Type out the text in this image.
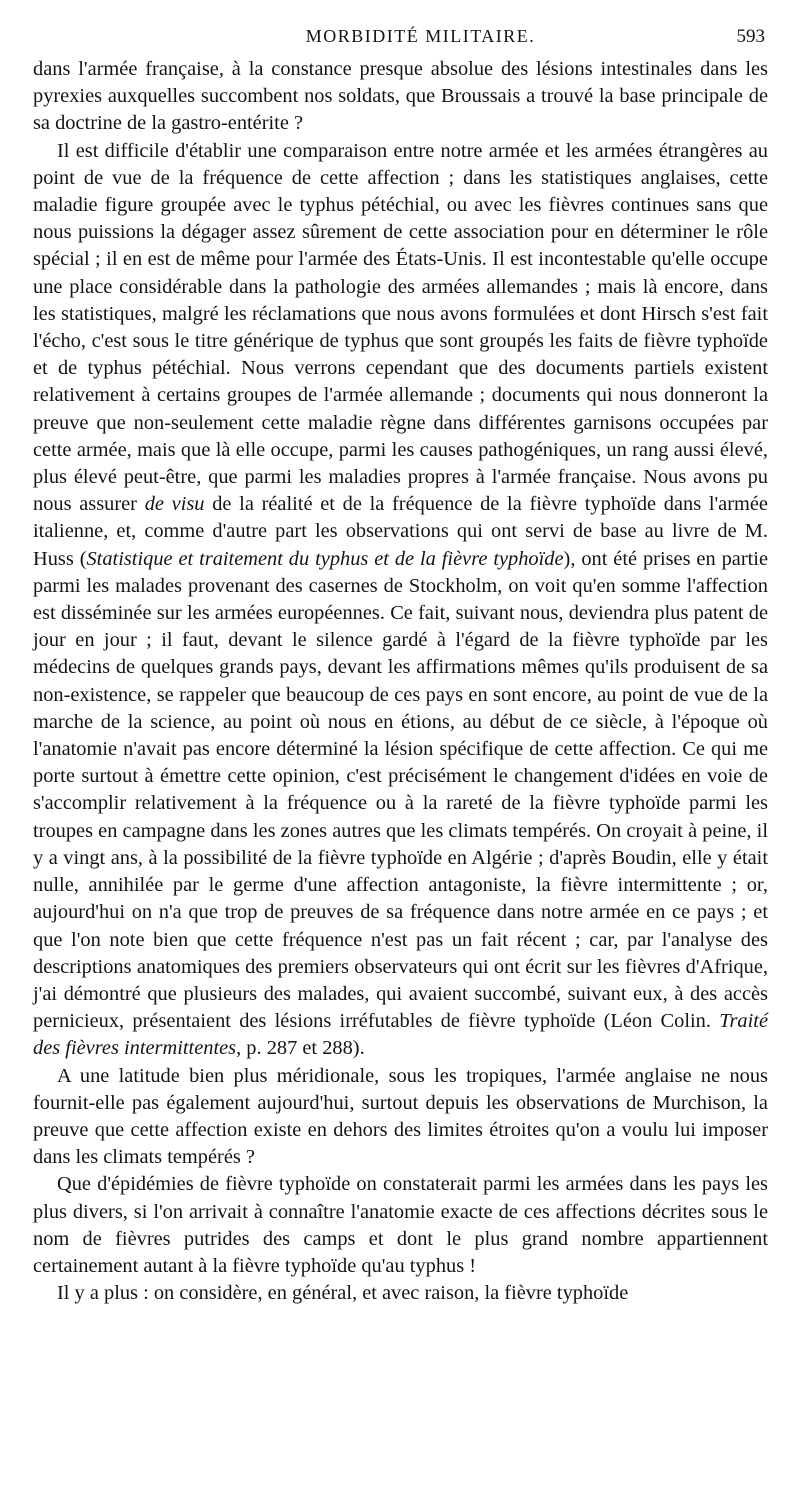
MORBIDITÉ MILITAIRE.	593

dans l'armée française, à la constance presque absolue des lésions intestinales dans les pyrexies auxquelles succombent nos soldats, que Broussais a trouvé la base principale de sa doctrine de la gastro-entérite ?

Il est difficile d'établir une comparaison entre notre armée et les armées étrangères au point de vue de la fréquence de cette affection ; dans les statistiques anglaises, cette maladie figure groupée avec le typhus pétéchial, ou avec les fièvres continues sans que nous puissions la dégager assez sûrement de cette association pour en déterminer le rôle spécial ; il en est de même pour l'armée des États-Unis. Il est incontestable qu'elle occupe une place considérable dans la pathologie des armées allemandes ; mais là encore, dans les statistiques, malgré les réclamations que nous avons formulées et dont Hirsch s'est fait l'écho, c'est sous le titre générique de typhus que sont groupés les faits de fièvre typhoïde et de typhus pétéchial. Nous verrons cependant que des documents partiels existent relativement à certains groupes de l'armée allemande ; documents qui nous donneront la preuve que non-seulement cette maladie règne dans différentes garnisons occupées par cette armée, mais que là elle occupe, parmi les causes pathogéniques, un rang aussi élevé, plus élevé peut-être, que parmi les maladies propres à l'armée française. Nous avons pu nous assurer de visu de la réalité et de la fréquence de la fièvre typhoïde dans l'armée italienne, et, comme d'autre part les observations qui ont servi de base au livre de M. Huss (Statistique et traitement du typhus et de la fièvre typhoïde), ont été prises en partie parmi les malades provenant des casernes de Stockholm, on voit qu'en somme l'affection est disséminée sur les armées européennes. Ce fait, suivant nous, deviendra plus patent de jour en jour ; il faut, devant le silence gardé à l'égard de la fièvre typhoïde par les médecins de quelques grands pays, devant les affirmations mêmes qu'ils produisent de sa non-existence, se rappeler que beaucoup de ces pays en sont encore, au point de vue de la marche de la science, au point où nous en étions, au début de ce siècle, à l'époque où l'anatomie n'avait pas encore déterminé la lésion spécifique de cette affection. Ce qui me porte surtout à émettre cette opinion, c'est précisément le changement d'idées en voie de s'accomplir relativement à la fréquence ou à la rareté de la fièvre typhoïde parmi les troupes en campagne dans les zones autres que les climats tempérés. On croyait à peine, il y a vingt ans, à la possibilité de la fièvre typhoïde en Algérie ; d'après Boudin, elle y était nulle, annihilée par le germe d'une affection antagoniste, la fièvre intermittente ; or, aujourd'hui on n'a que trop de preuves de sa fréquence dans notre armée en ce pays ; et que l'on note bien que cette fréquence n'est pas un fait récent ; car, par l'analyse des descriptions anatomiques des premiers observateurs qui ont écrit sur les fièvres d'Afrique, j'ai démontré que plusieurs des malades, qui avaient succombé, suivant eux, à des accès pernicieux, présentaient des lésions irréfutables de fièvre typhoïde (Léon Colin. Traité des fièvres intermittentes, p. 287 et 288).

A une latitude bien plus méridionale, sous les tropiques, l'armée anglaise ne nous fournit-elle pas également aujourd'hui, surtout depuis les observations de Murchison, la preuve que cette affection existe en dehors des limites étroites qu'on a voulu lui imposer dans les climats tempérés ?

Que d'épidémies de fièvre typhoïde on constaterait parmi les armées dans les pays les plus divers, si l'on arrivait à connaître l'anatomie exacte de ces affections décrites sous le nom de fièvres putrides des camps et dont le plus grand nombre appartiennent certainement autant à la fièvre typhoïde qu'au typhus !

Il y a plus : on considère, en général, et avec raison, la fièvre typhoïde
